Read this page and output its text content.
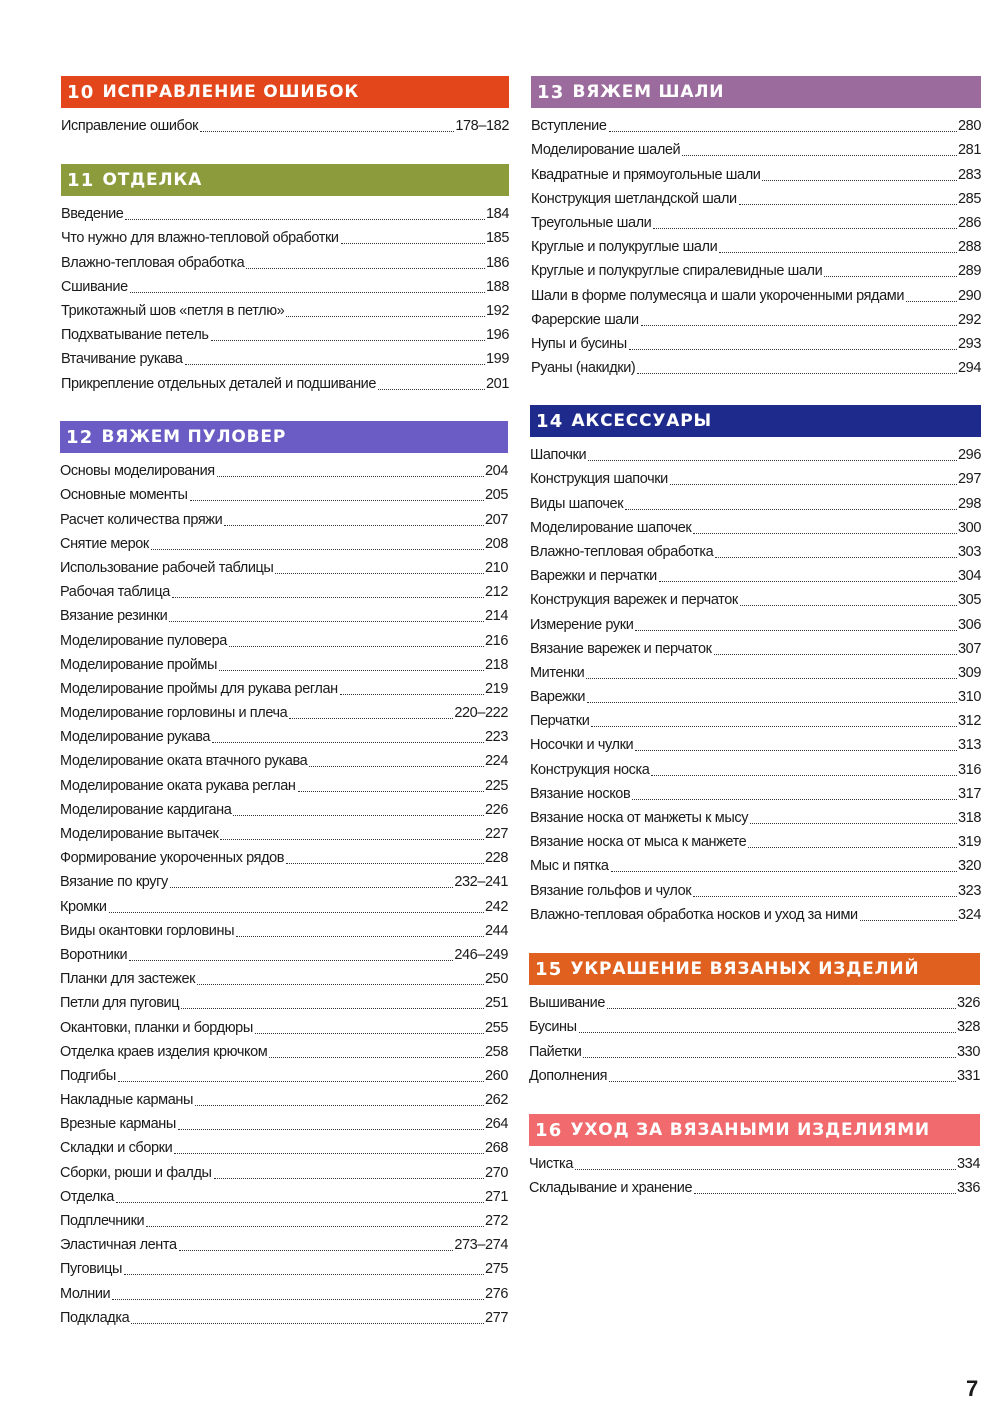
10 ИСПРАВЛЕНИЕ ОШИБОК
Исправление ошибок	178–182
11 ОТДЕЛКА
Введение	184
Что нужно для влажно-тепловой обработки	185
Влажно-тепловая обработка	186
Сшивание	188
Трикотажный шов «петля в петлю»	192
Подхватывание петель	196
Втачивание рукава	199
Прикрепление отдельных деталей и подшивание	201
12 ВЯЖЕМ ПУЛОВЕР
Основы моделирования	204
Основные моменты	205
Расчет количества пряжи	207
Снятие мерок	208
Использование рабочей таблицы	210
Рабочая таблица	212
Вязание резинки	214
Моделирование пуловера	216
Моделирование проймы	218
Моделирование проймы для рукава реглан	219
Моделирование горловины и плеча	220–222
Моделирование рукава	223
Моделирование оката втачного рукава	224
Моделирование оката рукава реглан	225
Моделирование кардигана	226
Моделирование вытачек	227
Формирование укороченных рядов	228
Вязание по кругу	232–241
Кромки	242
Виды окантовки горловины	244
Воротники	246–249
Планки для застежек	250
Петли для пуговиц	251
Окантовки, планки и бордюры	255
Отделка краев изделия крючком	258
Подгибы	260
Накладные карманы	262
Врезные карманы	264
Складки и сборки	268
Сборки, рюши и фалды	270
Отделка	271
Подплечники	272
Эластичная лента	273–274
Пуговицы	275
Молнии	276
Подкладка	277
13 ВЯЖЕМ ШАЛИ
Вступление	280
Моделирование шалей	281
Квадратные и прямоугольные шали	283
Конструкция шетландской шали	285
Треугольные шали	286
Круглые и полукруглые шали	288
Круглые и полукруглые спиралевидные шали	289
Шали в форме полумесяца и шали укороченными рядами	290
Фарерские шали	292
Нупы и бусины	293
Руаны (накидки)	294
14 АКСЕССУАРЫ
Шапочки	296
Конструкция шапочки	297
Виды шапочек	298
Моделирование шапочек	300
Влажно-тепловая обработка	303
Варежки и перчатки	304
Конструкция варежек и перчаток	305
Измерение руки	306
Вязание варежек и перчаток	307
Митенки	309
Варежки	310
Перчатки	312
Носочки и чулки	313
Конструкция носка	316
Вязание носков	317
Вязание носка от манжеты к мысу	318
Вязание носка от мыса к манжете	319
Мыс и пятка	320
Вязание гольфов и чулок	323
Влажно-тепловая обработка носков и уход за ними	324
15 УКРАШЕНИЕ ВЯЗАНЫХ ИЗДЕЛИЙ
Вышивание	326
Бусины	328
Пайетки	330
Дополнения	331
16 УХОД ЗА ВЯЗАНЫМИ ИЗДЕЛИЯМИ
Чистка	334
Складывание и хранение	336
7
